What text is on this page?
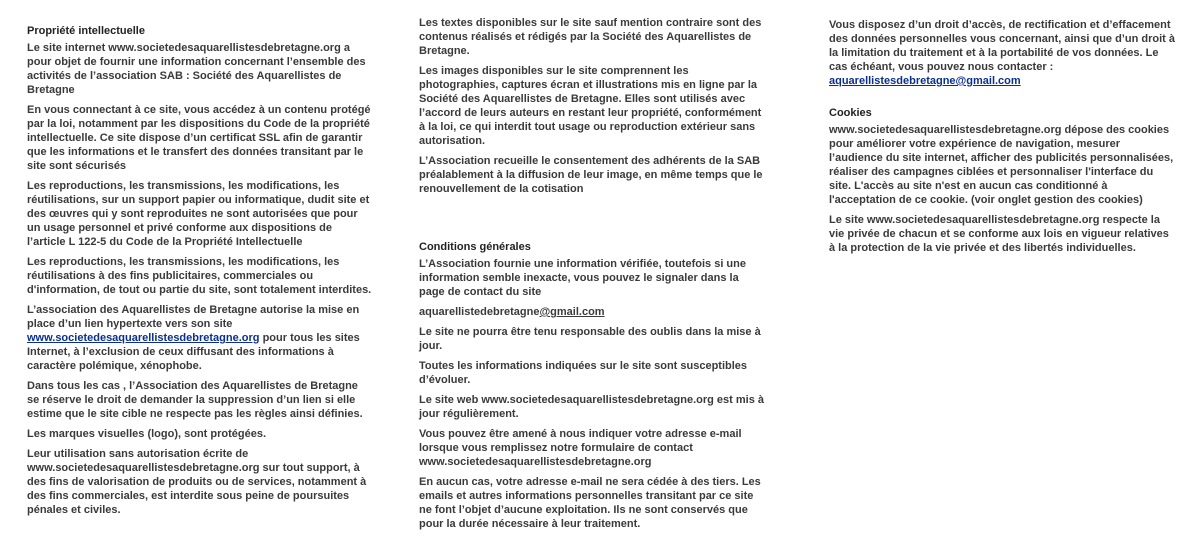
Propriété intellectuelle

Le site internet www.societedesaquarellistesdebretagne.org a pour objet de fournir une information concernant l’ensemble des activités de l’association SAB : Société des Aquarellistes de Bretagne

En vous connectant à ce site, vous accédez à un contenu protégé par la loi, notamment par les dispositions du Code de la propriété intellectuelle. Ce site dispose d’un certificat SSL afin de garantir que les informations et le transfert des données transitant par le site sont sécurisés

Les reproductions, les transmissions, les modifications, les réutilisations, sur un support papier ou informatique, dudit site et des œuvres qui y sont reproduites ne sont autorisées que pour un usage personnel et privé conforme aux dispositions de l’article L 122-5 du Code de la Propriété Intellectuelle

Les reproductions, les transmissions, les modifications, les réutilisations à des fins publicitaires, commerciales ou d'information, de tout ou partie du site, sont totalement interdites.

L’association des Aquarellistes de Bretagne autorise la mise en place d’un lien hypertexte vers son site www.societedesaquarellistesdebretagne.org pour tous les sites Internet, à l’exclusion de ceux diffusant des informations à caractère polémique, xénophobe.

Dans tous les cas , l’Association des Aquarellistes de Bretagne se réserve le droit de demander la suppression d’un lien si elle estime que le site cible ne respecte pas les règles ainsi définies.

Les marques visuelles (logo), sont protégées.

Leur utilisation sans autorisation écrite de www.societedesaquarellistesdebretagne.org sur tout support, à des fins de valorisation de produits ou de services, notamment à des fins commerciales, est interdite sous peine de poursuites pénales et civiles.

Les textes disponibles sur le site sauf mention contraire sont des contenus réalisés et rédigés par la Société des Aquarellistes de Bretagne.

Les images disponibles sur le site comprennent les photographies, captures écran et illustrations mis en ligne par la Société des Aquarellistes de Bretagne. Elles sont utilisés avec l’accord de leurs auteurs en restant leur propriété, conformément à la loi, ce qui interdit tout usage ou reproduction extérieur sans autorisation.

L’Association recueille le consentement des adhérents de la SAB préalablement à la diffusion de leur image, en même temps que le renouvellement de la cotisation

Conditions générales

L’Association fournie une information vérifiée, toutefois si une information semble inexacte, vous pouvez le signaler dans la page de contact du site

aquarellistedebretagne@gmail.com

Le site ne pourra être tenu responsable des oublis dans la mise à jour.

Toutes les informations indiquées sur le site sont susceptibles d’évoluer.

Le site web www.societedesaquarellistesdebretagne.org est mis à jour régulièrement.

Vous pouvez être amené à nous indiquer votre adresse e-mail lorsque vous remplissez notre formulaire de contact www.societedesaquarellistesdebretagne.org

En aucun cas, votre adresse e-mail ne sera cédée à des tiers. Les emails et autres informations personnelles transitant par ce site ne font l’objet d’aucune exploitation. Ils ne sont conservés que pour la durée nécessaire à leur traitement.

Vous disposez d’un droit d’accès, de rectification et d’effacement des données personnelles vous concernant, ainsi que d’un droit à la limitation du traitement et à la portabilité de vos données. Le cas échéant, vous pouvez nous contacter :
aquarellistesdebretagne@gmail.com

Cookies

www.societedesaquarellistesdebretagne.org dépose des cookies pour améliorer votre expérience de navigation, mesurer l’audience du site internet, afficher des publicités personnalisées, réaliser des campagnes ciblées et personnaliser l'interface du site. L'accès au site n'est en aucun cas conditionné à l'acceptation de ce cookie. (voir onglet gestion des cookies)

Le site www.societedesaquarellistesdebretagne.org respecte la vie privée de chacun et se conforme aux lois en vigueur relatives à la protection de la vie privée et des libertés individuelles.
